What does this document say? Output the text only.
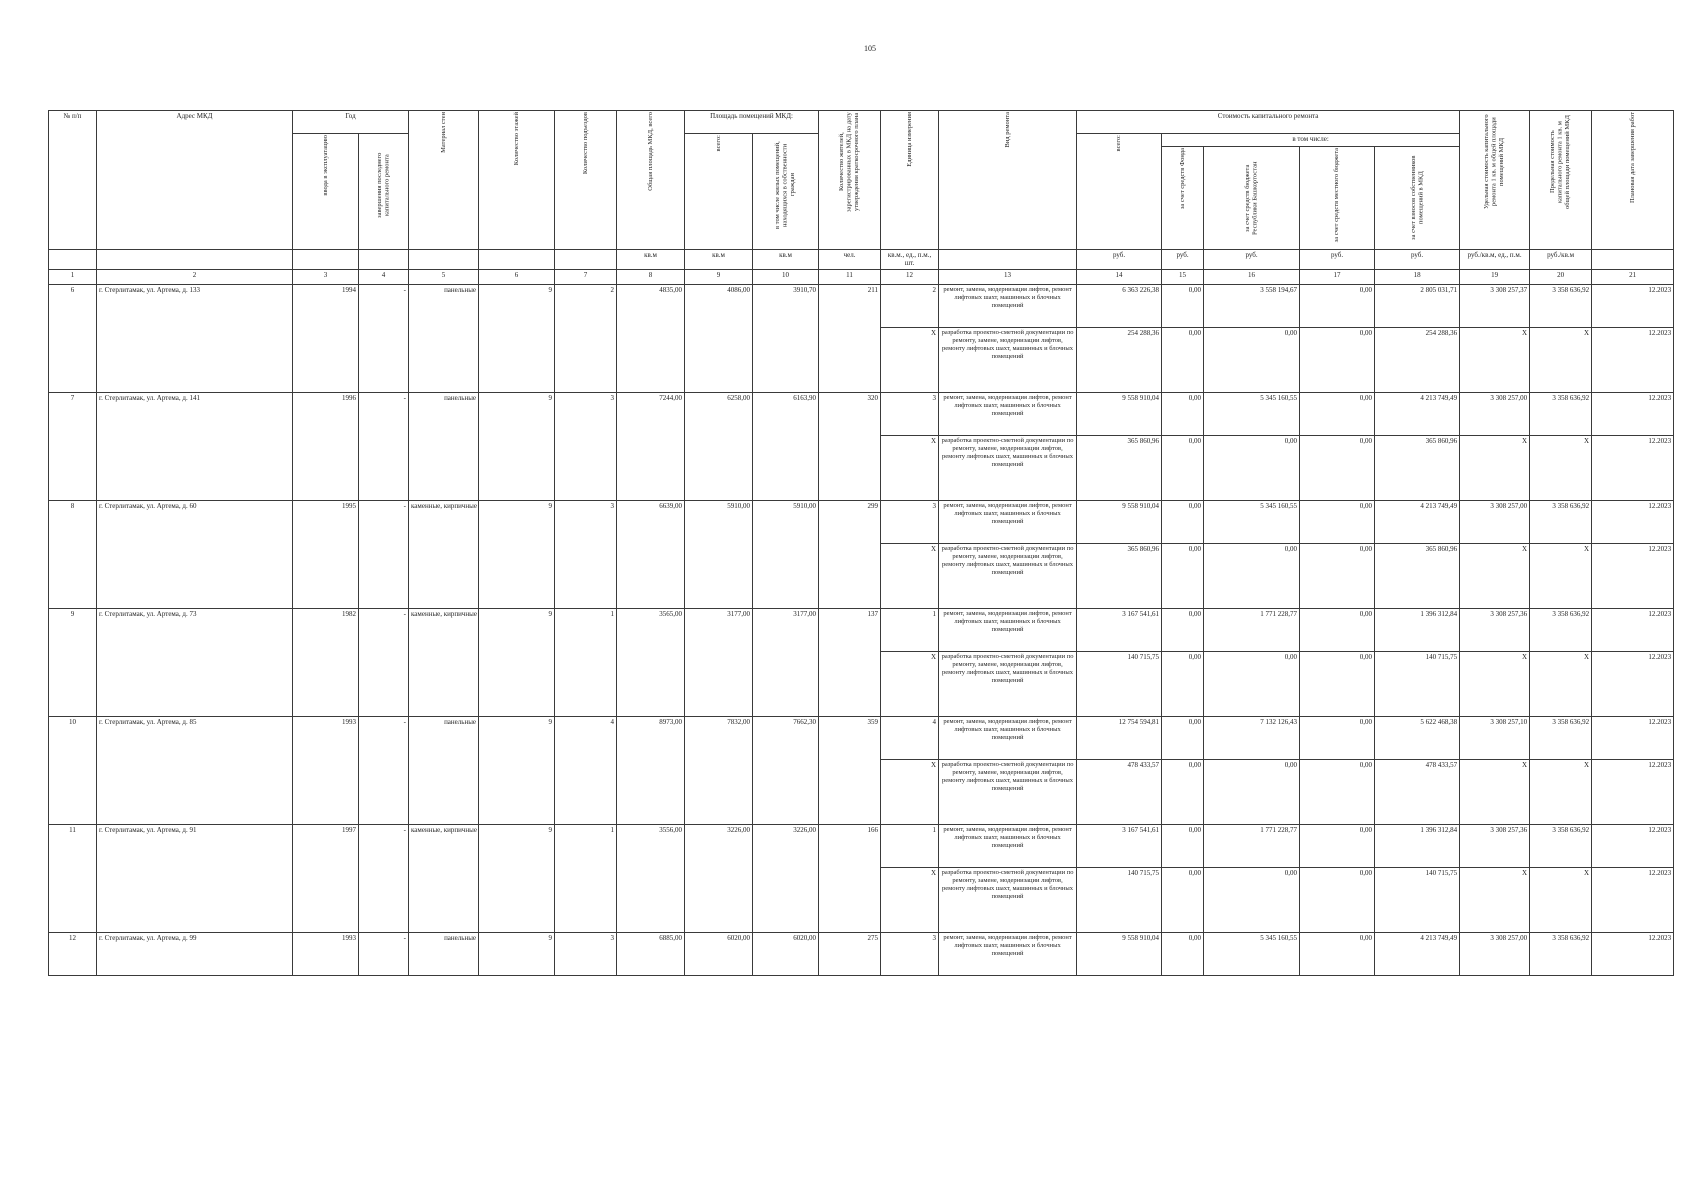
105
№ п/п	Адрес МКД	Год		Материал стен	Количество этажей	Количество подъездов	Общая площадь МКД, всего	Площадь помещений МКД:		Количество жителей, зарегистрированных в МКД на дату утверждения краткосрочного плана	Единица измерения	Вид ремонта	Стоимость капитального ремонта					Удельная стоимость капитального ремонта 1 кв. м общей площади помещений МКД	Предельная стоимость капитального ремонта 1 кв. м общей площади помещений МКД	Плановая дата завершения работ

		ввода в эксплуатацию	завершения последнего капитального ремонта					всего:	в том числе жилых помещений, находящихся в собственности граждан				всего:	в том числе:						

														за счет средств Фонда	за счет средств бюджета Республики Башкортостан	за счет средств местного бюджета	за счет взносов собственников помещений в МКД			

							кв.м	кв.м	кв.м	чел.	кв.м., ед., п.м., шт.		руб.	руб.	руб.	руб.	руб.	руб./кв.м, ед., п.м.	руб./кв.м	
1	2	3	4	5	6	7	8	9	10	11	12	13	14	15	16	17	18	19	20	21
6	г. Стерлитамак, ул. Артема, д. 133	1994	-	панельные	9	2	4835,00	4086,00	3910,70	211	2	ремонт, замена, модернизация лифтов, ремонт лифтовых шахт, машинных и блочных помещений	6 363 226,38	0,00	3 558 194,67	0,00	2 805 031,71	3 308 257,37	3 358 636,92	12.2023
											X	разработка проектно-сметной документации по ремонту, замене, модернизации лифтов, ремонту лифтовых шахт, машинных и блочных помещений	254 288,36	0,00	0,00	0,00	254 288,36	X	X	12.2023
7	г. Стерлитамак, ул. Артема, д. 141	1996	-	панельные	9	3	7244,00	6258,00	6163,90	320	3	ремонт, замена, модернизация лифтов, ремонт лифтовых шахт, машинных и блочных помещений	9 558 910,04	0,00	5 345 160,55	0,00	4 213 749,49	3 308 257,00	3 358 636,92	12.2023
											X	разработка проектно-сметной документации по ремонту, замене, модернизации лифтов, ремонту лифтовых шахт, машинных и блочных помещений	365 860,96	0,00	0,00	0,00	365 860,96	X	X	12.2023
8	г. Стерлитамак, ул. Артема, д. 60	1995	-	каменные, кирпичные	9	3	6639,00	5910,00	5910,00	299	3	ремонт, замена, модернизация лифтов, ремонт лифтовых шахт, машинных и блочных помещений	9 558 910,04	0,00	5 345 160,55	0,00	4 213 749,49	3 308 257,00	3 358 636,92	12.2023
											X	разработка проектно-сметной документации по ремонту, замене, модернизации лифтов, ремонту лифтовых шахт, машинных и блочных помещений	365 860,96	0,00	0,00	0,00	365 860,96	X	X	12.2023
9	г. Стерлитамак, ул. Артема, д. 73	1982	-	каменные, кирпичные	9	1	3565,00	3177,00	3177,00	137	1	ремонт, замена, модернизация лифтов, ремонт лифтовых шахт, машинных и блочных помещений	3 167 541,61	0,00	1 771 228,77	0,00	1 396 312,84	3 308 257,36	3 358 636,92	12.2023
											X	разработка проектно-сметной документации по ремонту, замене, модернизации лифтов, ремонту лифтовых шахт, машинных и блочных помещений	140 715,75	0,00	0,00	0,00	140 715,75	X	X	12.2023
10	г. Стерлитамак, ул. Артема, д. 85	1993	-	панельные	9	4	8973,00	7832,00	7662,30	359	4	ремонт, замена, модернизация лифтов, ремонт лифтовых шахт, машинных и блочных помещений	12 754 594,81	0,00	7 132 126,43	0,00	5 622 468,38	3 308 257,10	3 358 636,92	12.2023
											X	разработка проектно-сметной документации по ремонту, замене, модернизации лифтов, ремонту лифтовых шахт, машинных и блочных помещений	478 433,57	0,00	0,00	0,00	478 433,57	X	X	12.2023
11	г. Стерлитамак, ул. Артема, д. 91	1997	-	каменные, кирпичные	9	1	3556,00	3226,00	3226,00	166	1	ремонт, замена, модернизация лифтов, ремонт лифтовых шахт, машинных и блочных помещений	3 167 541,61	0,00	1 771 228,77	0,00	1 396 312,84	3 308 257,36	3 358 636,92	12.2023
											X	разработка проектно-сметной документации по ремонту, замене, модернизации лифтов, ремонту лифтовых шахт, машинных и блочных помещений	140 715,75	0,00	0,00	0,00	140 715,75	X	X	12.2023
12	г. Стерлитамак, ул. Артема, д. 99	1993	-	панельные	9	3	6885,00	6020,00	6020,00	275	3	ремонт, замена, модернизация лифтов, ремонт лифтовых шахт, машинных и блочных помещений	9 558 910,04	0,00	5 345 160,55	0,00	4 213 749,49	3 308 257,00	3 358 636,92	12.2023
